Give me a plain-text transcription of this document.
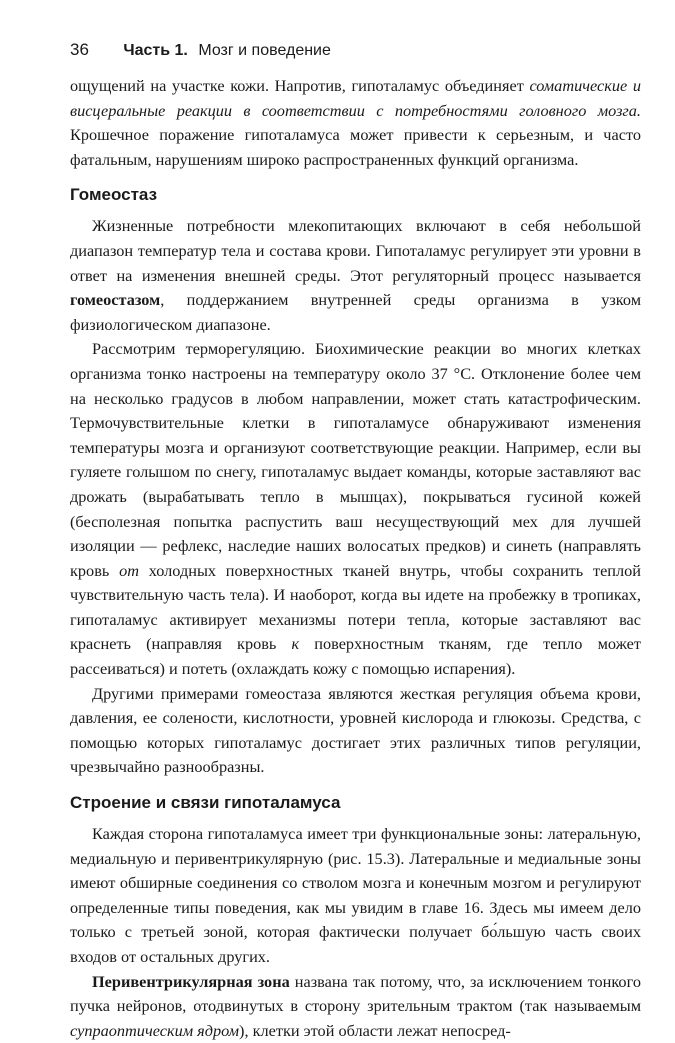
36 Часть 1. Мозг и поведение

ощущений на участке кожи. Напротив, гипоталамус объединяет соматические и висцеральные реакции в соответствии с потребностями головного мозга. Крошечное поражение гипоталамуса может привести к серьезным, и часто фатальным, нарушениям широко распространенных функций организма.

Гомеостаз

Жизненные потребности млекопитающих включают в себя небольшой диапазон температур тела и состава крови. Гипоталамус регулирует эти уровни в ответ на изменения внешней среды. Этот регуляторный процесс называется гомеостазом, поддержанием внутренней среды организма в узком физиологическом диапазоне.

Рассмотрим терморегуляцию. Биохимические реакции во многих клетках организма тонко настроены на температуру около 37 °С. Отклонение более чем на несколько градусов в любом направлении, может стать катастрофическим. Термочувствительные клетки в гипоталамусе обнаруживают изменения температуры мозга и организуют соответствующие реакции. Например, если вы гуляете голышом по снегу, гипоталамус выдает команды, которые заставляют вас дрожать (вырабатывать тепло в мышцах), покрываться гусиной кожей (бесполезная попытка распустить ваш несуществующий мех для лучшей изоляции — рефлекс, наследие наших волосатых предков) и синеть (направлять кровь от холодных поверхностных тканей внутрь, чтобы сохранить теплой чувствительную часть тела). И наоборот, когда вы идете на пробежку в тропиках, гипоталамус активирует механизмы потери тепла, которые заставляют вас краснеть (направляя кровь к поверхностным тканям, где тепло может рассеиваться) и потеть (охлаждать кожу с помощью испарения).

Другими примерами гомеостаза являются жесткая регуляция объема крови, давления, ее солености, кислотности, уровней кислорода и глюкозы. Средства, с помощью которых гипоталамус достигает этих различных типов регуляции, чрезвычайно разнообразны.

Строение и связи гипоталамуса

Каждая сторона гипоталамуса имеет три функциональные зоны: латеральную, медиальную и перивентрикулярную (рис. 15.3). Латеральные и медиальные зоны имеют обширные соединения со стволом мозга и конечным мозгом и регулируют определенные типы поведения, как мы увидим в главе 16. Здесь мы имеем дело только с третьей зоной, которая фактически получает бо́льшую часть своих входов от остальных других.

Перивентрикулярная зона названа так потому, что, за исключением тонкого пучка нейронов, отодвинутых в сторону зрительным трактом (так называемым супраоптическим ядром), клетки этой области лежат непосред-
